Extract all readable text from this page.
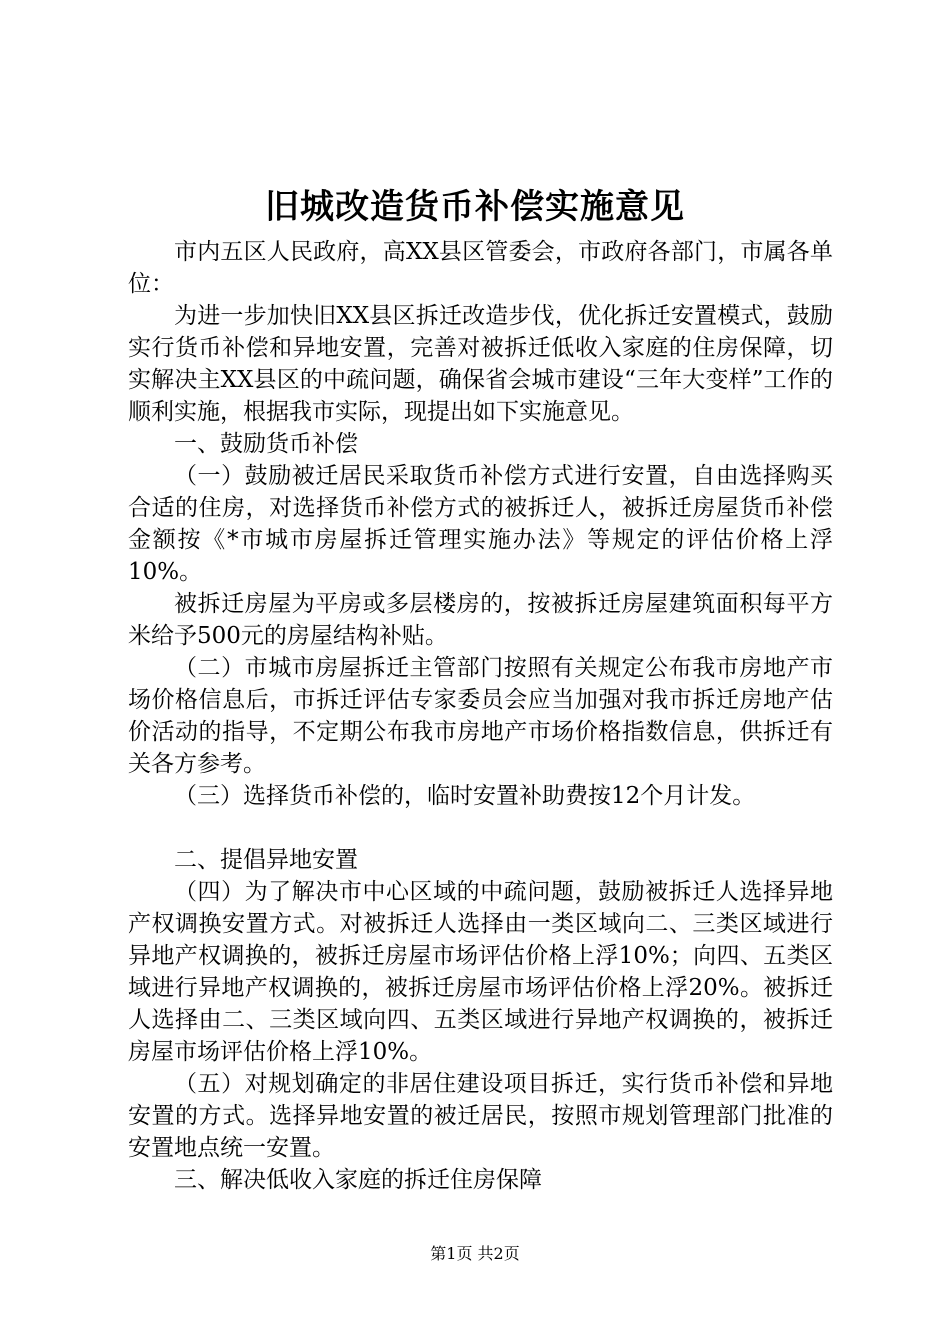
旧城改造货币补偿实施意见

市内五区人民政府，高XX县区管委会，市政府各部门，市属各单位：

为进一步加快旧XX县区拆迁改造步伐，优化拆迁安置模式，鼓励实行货币补偿和异地安置，完善对被拆迁低收入家庭的住房保障，切实解决主XX县区的中疏问题，确保省会城市建设“三年大变样”工作的顺利实施，根据我市实际，现提出如下实施意见。

一、鼓励货币补偿

（一）鼓励被迁居民采取货币补偿方式进行安置，自由选择购买合适的住房，对选择货币补偿方式的被拆迁人，被拆迁房屋货币补偿金额按《*市城市房屋拆迁管理实施办法》等规定的评估价格上浮10%。

被拆迁房屋为平房或多层楼房的，按被拆迁房屋建筑面积每平方米给予500元的房屋结构补贴。

（二）市城市房屋拆迁主管部门按照有关规定公布我市房地产市场价格信息后，市拆迁评估专家委员会应当加强对我市拆迁房地产估价活动的指导，不定期公布我市房地产市场价格指数信息，供拆迁有关各方参考。

（三）选择货币补偿的，临时安置补助费按12个月计发。

二、提倡异地安置

（四）为了解决市中心区域的中疏问题，鼓励被拆迁人选择异地产权调换安置方式。对被拆迁人选择由一类区域向二、三类区域进行异地产权调换的，被拆迁房屋市场评估价格上浮10%；向四、五类区域进行异地产权调换的，被拆迁房屋市场评估价格上浮20%。被拆迁人选择由二、三类区域向四、五类区域进行异地产权调换的，被拆迁房屋市场评估价格上浮10%。

（五）对规划确定的非居住建设项目拆迁，实行货币补偿和异地安置的方式。选择异地安置的被迁居民，按照市规划管理部门批准的安置地点统一安置。

三、解决低收入家庭的拆迁住房保障

第1页 共2页
